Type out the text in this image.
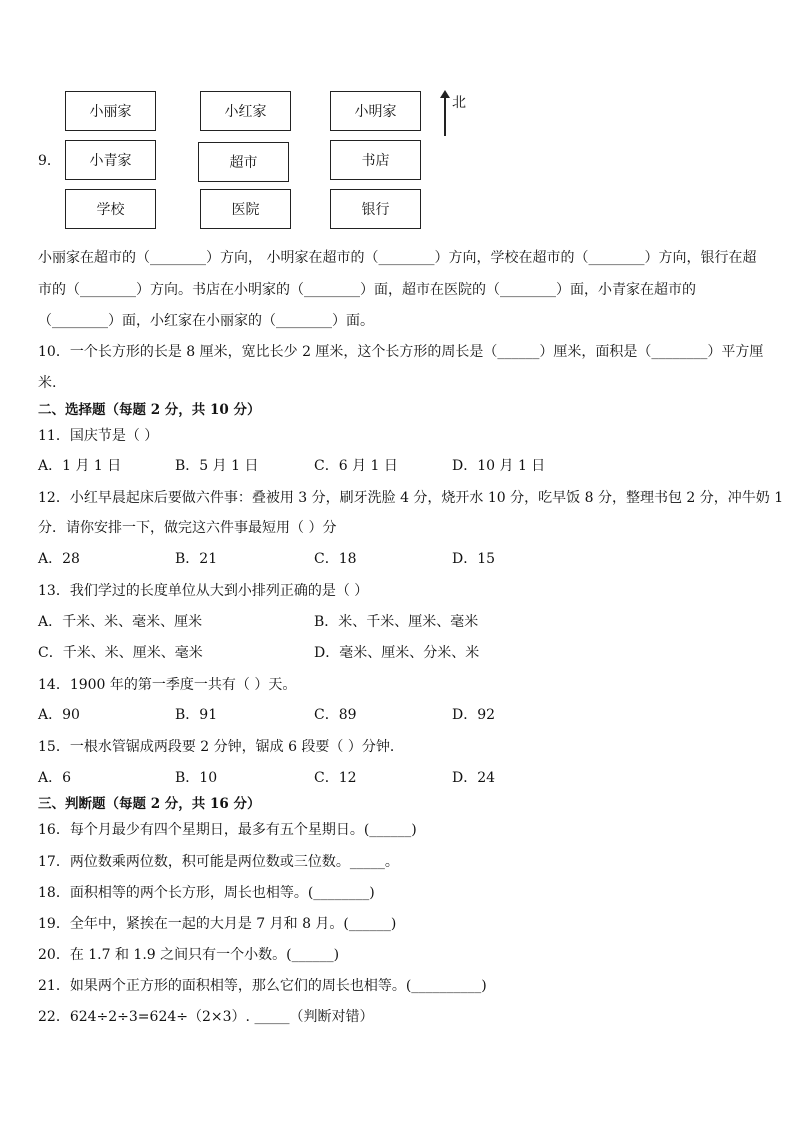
9．
小丽家	小红家	小明家
小青家	超市	书店
学校	医院	银行
北
小丽家在超市的（________）方向， 小明家在超市的（________）方向，学校在超市的（________）方向，银行在超
市的（________）方向。书店在小明家的（________）面，超市在医院的（________）面，小青家在超市的
（________）面，小红家在小丽家的（________）面。
10．一个长方形的长是 8 厘米，宽比长少 2 厘米，这个长方形的周长是（______）厘米，面积是（________）平方厘
米.
二、选择题（每题 2 分，共 10 分）
11．国庆节是（ ）
A．1 月 1 日	B．5 月 1 日	C．6 月 1 日	D．10 月 1 日
12．小红早晨起床后要做六件事：叠被用 3 分，刷牙洗脸 4 分，烧开水 10 分，吃早饭 8 分，整理书包 2 分，冲牛奶 1
分．请你安排一下，做完这六件事最短用（ ）分
A．28	B．21	C．18	D．15
13．我们学过的长度单位从大到小排列正确的是（ ）
A．千米、米、毫米、厘米	B．米、千米、厘米、毫米
C．千米、米、厘米、毫米	D．毫米、厘米、分米、米
14．1900 年的第一季度一共有（ ）天。
A．90	B．91	C．89	D．92
15．一根水管锯成两段要 2 分钟，锯成 6 段要（ ）分钟．
A．6	B．10	C．12	D．24
三、判断题（每题 2 分，共 16 分）
16．每个月最少有四个星期日，最多有五个星期日。(______)
17．两位数乘两位数，积可能是两位数或三位数。_____。
18．面积相等的两个长方形，周长也相等。(________)
19．全年中，紧挨在一起的大月是 7 月和 8 月。(______)
20．在 1.7 和 1.9 之间只有一个小数。(______)
21．如果两个正方形的面积相等，那么它们的周长也相等。(__________)
22．624÷2÷3=624÷（2×3）. _____（判断对错）
